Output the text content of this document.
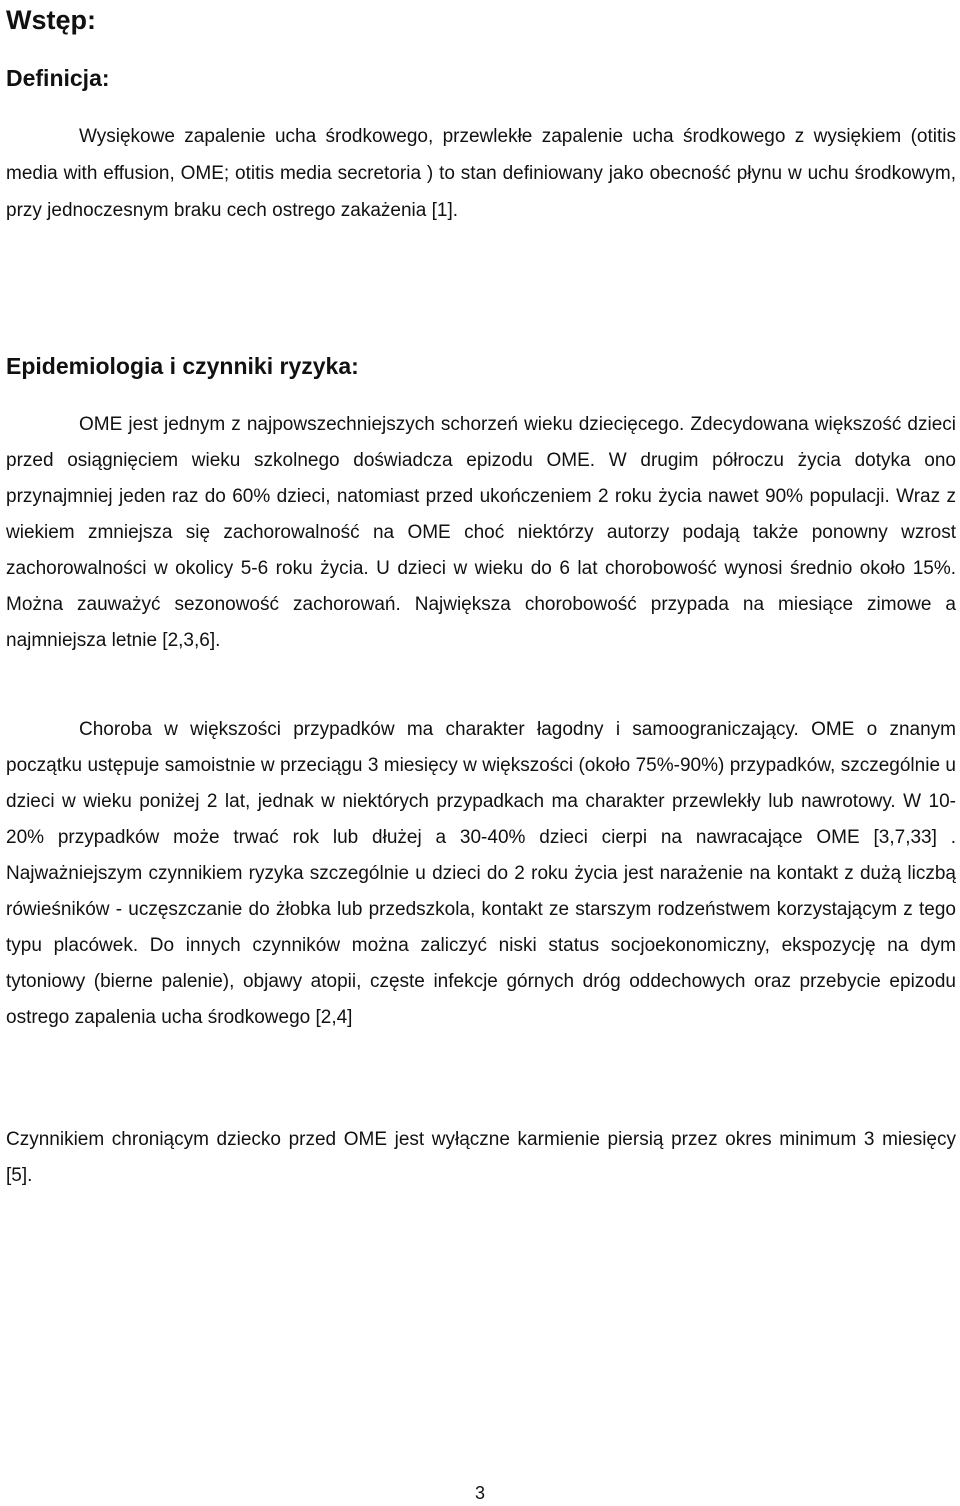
Wstęp:
Definicja:

Wysiękowe zapalenie ucha środkowego, przewlekłe zapalenie ucha środkowego z wysiękiem (otitis media with effusion, OME; otitis media secretoria ) to stan definiowany jako obecność płynu w uchu środkowym, przy jednoczesnym braku cech ostrego zakażenia [1].

Epidemiologia i czynniki ryzyka:

OME jest jednym z najpowszechniejszych schorzeń wieku dziecięcego. Zdecydowana większość dzieci przed osiągnięciem wieku szkolnego doświadcza epizodu OME. W drugim półroczu życia dotyka ono przynajmniej jeden raz do 60% dzieci, natomiast przed ukończeniem 2 roku życia nawet 90% populacji. Wraz z wiekiem zmniejsza się zachorowalność na OME choć niektórzy autorzy podają także ponowny wzrost zachorowalności w okolicy 5-6 roku życia. U dzieci w wieku do 6 lat chorobowość wynosi średnio około 15%. Można zauważyć sezonowość zachorowań. Największa chorobowość przypada na miesiące zimowe a najmniejsza letnie [2,3,6].

Choroba w większości przypadków ma charakter łagodny i samoograniczający. OME o znanym początku ustępuje samoistnie w przeciągu 3 miesięcy w większości (około 75%-90%) przypadków, szczególnie u dzieci w wieku poniżej 2 lat, jednak w niektórych przypadkach ma charakter przewlekły lub nawrotowy. W 10-20% przypadków może trwać rok lub dłużej a 30-40% dzieci cierpi na nawracające OME [3,7,33] . Najważniejszym czynnikiem ryzyka szczególnie u dzieci do 2 roku życia jest narażenie na kontakt z dużą liczbą rówieśników - uczęszczanie do żłobka lub przedszkola, kontakt ze starszym rodzeństwem korzystającym z tego typu placówek. Do innych czynników można zaliczyć niski status socjoekonomiczny, ekspozycję na dym tytoniowy (bierne palenie), objawy atopii, częste infekcje górnych dróg oddechowych oraz przebycie epizodu ostrego zapalenia ucha środkowego [2,4]

Czynnikiem chroniącym dziecko przed OME jest wyłączne karmienie piersią przez okres minimum 3 miesięcy [5].

3
